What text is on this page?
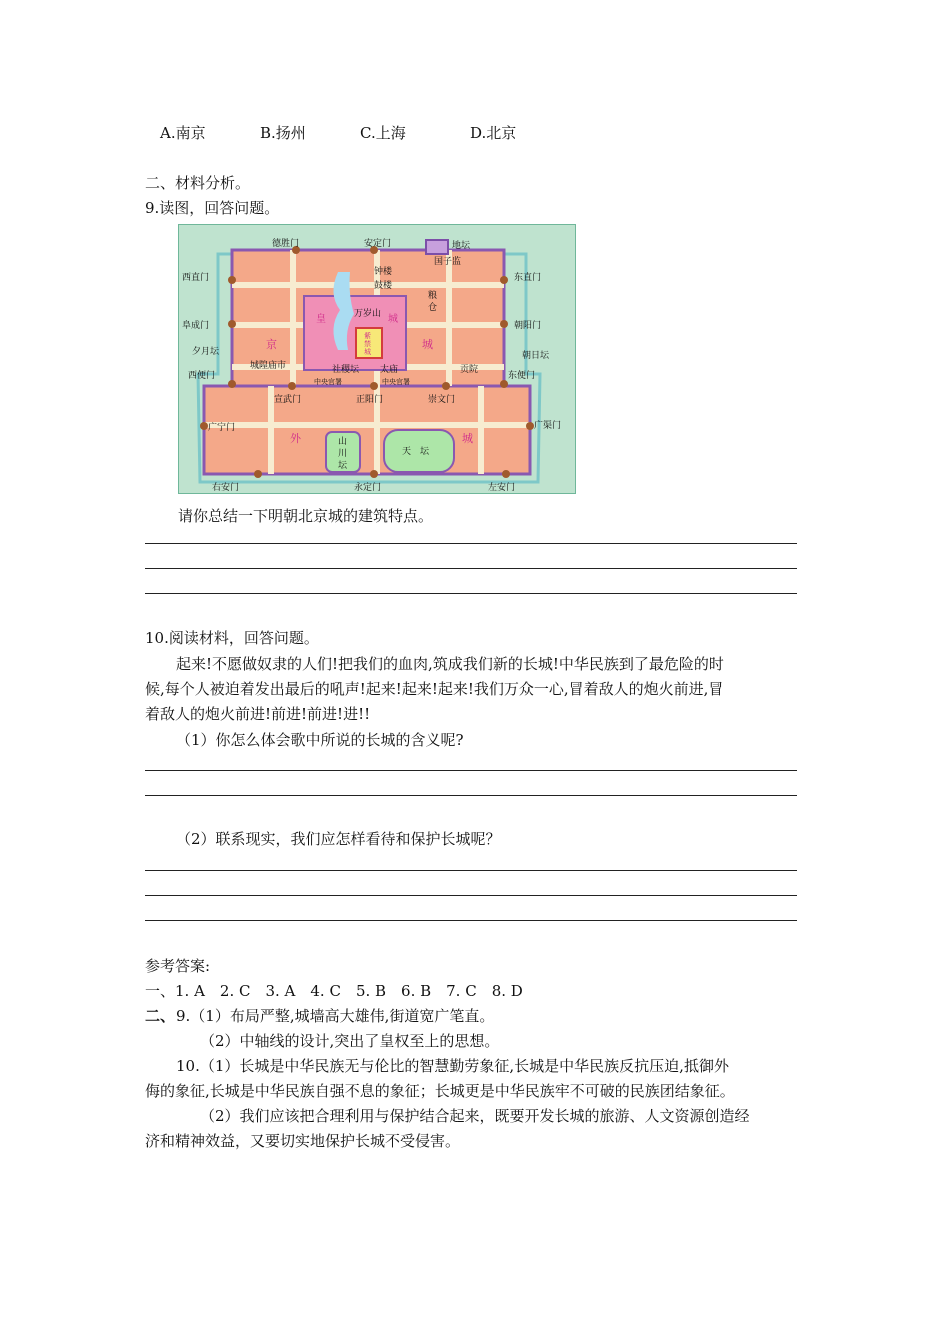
A.南京	B.扬州	C.上海	D.北京
二、材料分析。
9.读图，回答问题。
德胜门	安定门	地坛
西直门
国子监
东直门
钟楼
鼓楼
粮
仓
阜成门
万岁山
朝阳门
皇	城
京	城
紫
禁
城
夕月坛
城隍庙市
朝日坛
西便门
社稷坛 太庙	贡院
东便门
中央官署	中央官署
宣武门	正阳门	崇文门
广宁门	广渠门
外	城
山
川
坛
天　坛
右安门	永定门	左安门
请你总结一下明朝北京城的建筑特点。
10.阅读材料，回答问题。
起来!不愿做奴隶的人们!把我们的血肉,筑成我们新的长城!中华民族到了最危险的时
候,每个人被迫着发出最后的吼声!起来!起来!起来!我们万众一心,冒着敌人的炮火前进,冒
着敌人的炮火前进!前进!前进!进!!
（1）你怎么体会歌中所说的长城的含义呢?
（2）联系现实，我们应怎样看待和保护长城呢？
参考答案:
一、1. A　2. C　3. A　4. C　5. B　6. B　7. C　8. D
二、 9.（1）布局严整,城墙高大雄伟,街道宽广笔直。
（2）中轴线的设计,突出了皇权至上的思想。
10.（1）长城是中华民族无与伦比的智慧勤劳象征,长城是中华民族反抗压迫,抵御外
侮的象征,长城是中华民族自强不息的象征；长城更是中华民族牢不可破的民族团结象征。
（2）我们应该把合理利用与保护结合起来，既要开发长城的旅游、人文资源创造经
济和精神效益，又要切实地保护长城不受侵害。
